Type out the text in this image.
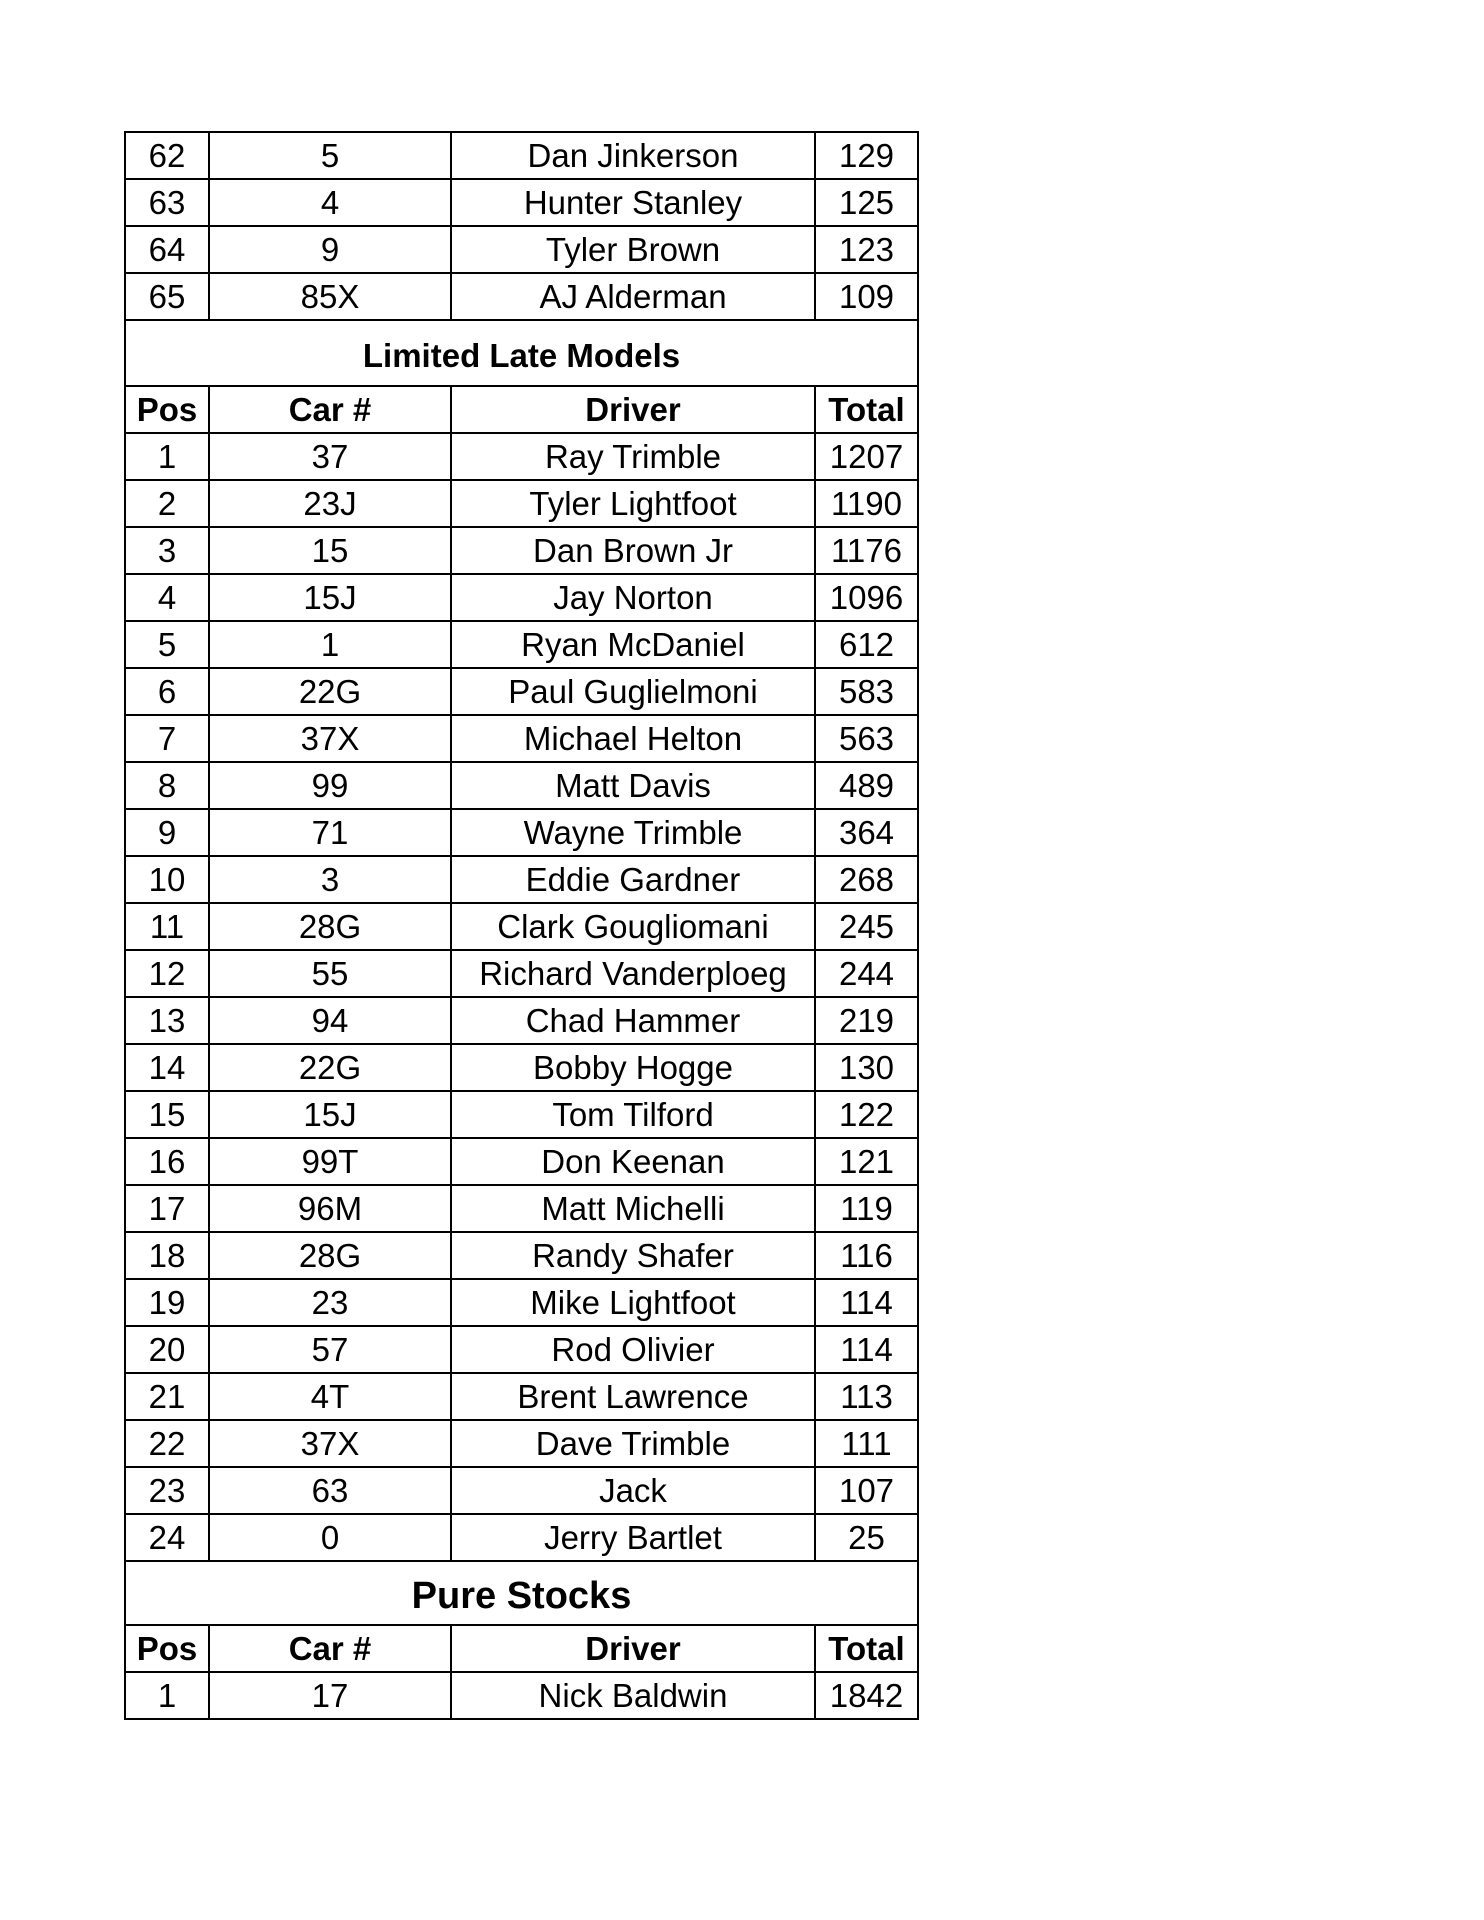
62	5	Dan Jinkerson	129
63	4	Hunter Stanley	125
64	9	Tyler Brown	123
65	85X	AJ Alderman	109
Limited Late Models			
Pos	Car #	Driver	Total
1	37	Ray Trimble	1207
2	23J	Tyler Lightfoot	1190
3	15	Dan Brown Jr	1176
4	15J	Jay Norton	1096
5	1	Ryan McDaniel	612
6	22G	Paul Guglielmoni	583
7	37X	Michael Helton	563
8	99	Matt Davis	489
9	71	Wayne Trimble	364
10	3	Eddie Gardner	268
11	28G	Clark Gougliomani	245
12	55	Richard Vanderploeg	244
13	94	Chad Hammer	219
14	22G	Bobby Hogge	130
15	15J	Tom Tilford	122
16	99T	Don Keenan	121
17	96M	Matt Michelli	119
18	28G	Randy Shafer	116
19	23	Mike Lightfoot	114
20	57	Rod Olivier	114
21	4T	Brent Lawrence	113
22	37X	Dave Trimble	111
23	63	Jack	107
24	0	Jerry Bartlet	25
Pure Stocks			
Pos	Car #	Driver	Total
1	17	Nick Baldwin	1842
